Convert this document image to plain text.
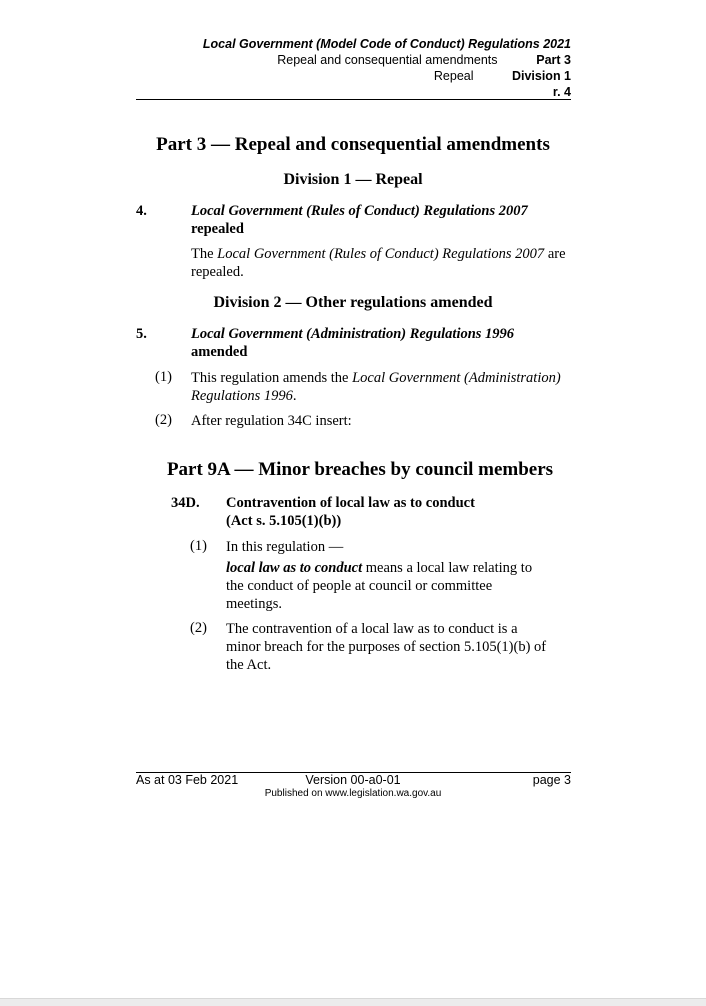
Local Government (Model Code of Conduct) Regulations 2021
Repeal and consequential amendments	Part 3
Repeal	Division 1
r. 4
Part 3 — Repeal and consequential amendments
Division 1 — Repeal
4.	Local Government (Rules of Conduct) Regulations 2007
repealed
The Local Government (Rules of Conduct) Regulations 2007 are
repealed.
Division 2 — Other regulations amended
5.	Local Government (Administration) Regulations 1996
amended
(1) This regulation amends the Local Government (Administration)
Regulations 1996.
(2) After regulation 34C insert:
Part 9A — Minor breaches by council members
34D. Contravention of local law as to conduct
(Act s. 5.105(1)(b))
(1) In this regulation —
local law as to conduct means a local law relating to
the conduct of people at council or committee
meetings.
(2) The contravention of a local law as to conduct is a
minor breach for the purposes of section 5.105(1)(b) of
the Act.
As at 03 Feb 2021	Version 00-a0-01	page 3
Published on www.legislation.wa.gov.au
